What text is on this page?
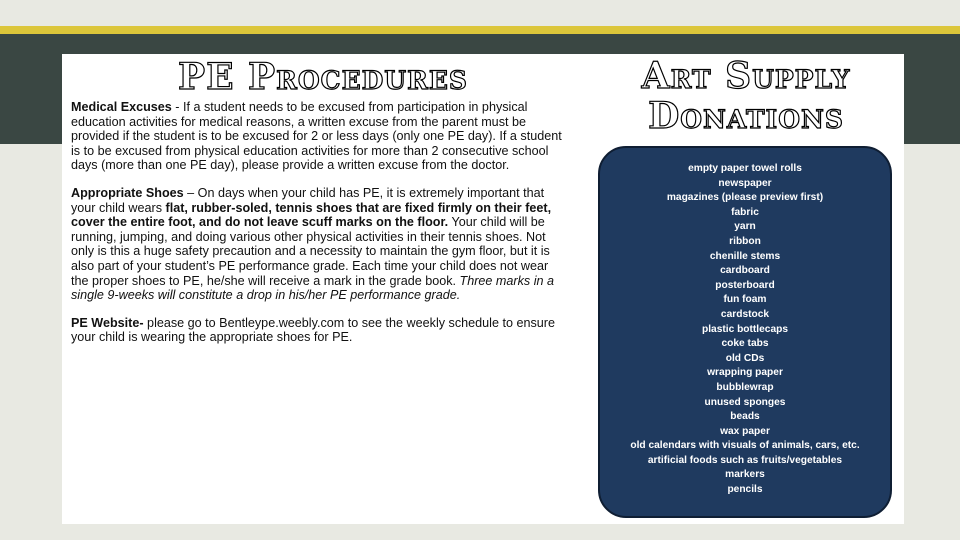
PE Procedures	Art Supply
Donations

Medical Excuses - If a student needs to be excused from participation in physical education activities for medical reasons, a written excuse from the parent must be provided if the student is to be excused for 2 or less days (only one PE day). If a student is to be excused from physical education activities for more than 2 consecutive school days (more than one PE day), please provide a written excuse from the doctor.

Appropriate Shoes – On days when your child has PE, it is extremely important that your child wears flat, rubber-soled, tennis shoes that are fixed firmly on their feet, cover the entire foot, and do not leave scuff marks on the floor. Your child will be running, jumping, and doing various other physical activities in their tennis shoes. Not only is this a huge safety precaution and a necessity to maintain the gym floor, but it is also part of your student’s PE performance grade. Each time your child does not wear the proper shoes to PE, he/she will receive a mark in the grade book. Three marks in a single 9-weeks will constitute a drop in his/her PE performance grade.

PE Website- please go to Bentleype.weebly.com to see the weekly schedule to ensure your child is wearing the appropriate shoes for PE.

empty paper towel rolls
newspaper
magazines (please preview first)
fabric
yarn
ribbon
chenille stems
cardboard
posterboard
fun foam
cardstock
plastic bottlecaps
coke tabs
old CDs
wrapping paper
bubblewrap
unused sponges
beads
wax paper
old calendars with visuals of animals, cars, etc.
artificial foods such as fruits/vegetables
markers
pencils
